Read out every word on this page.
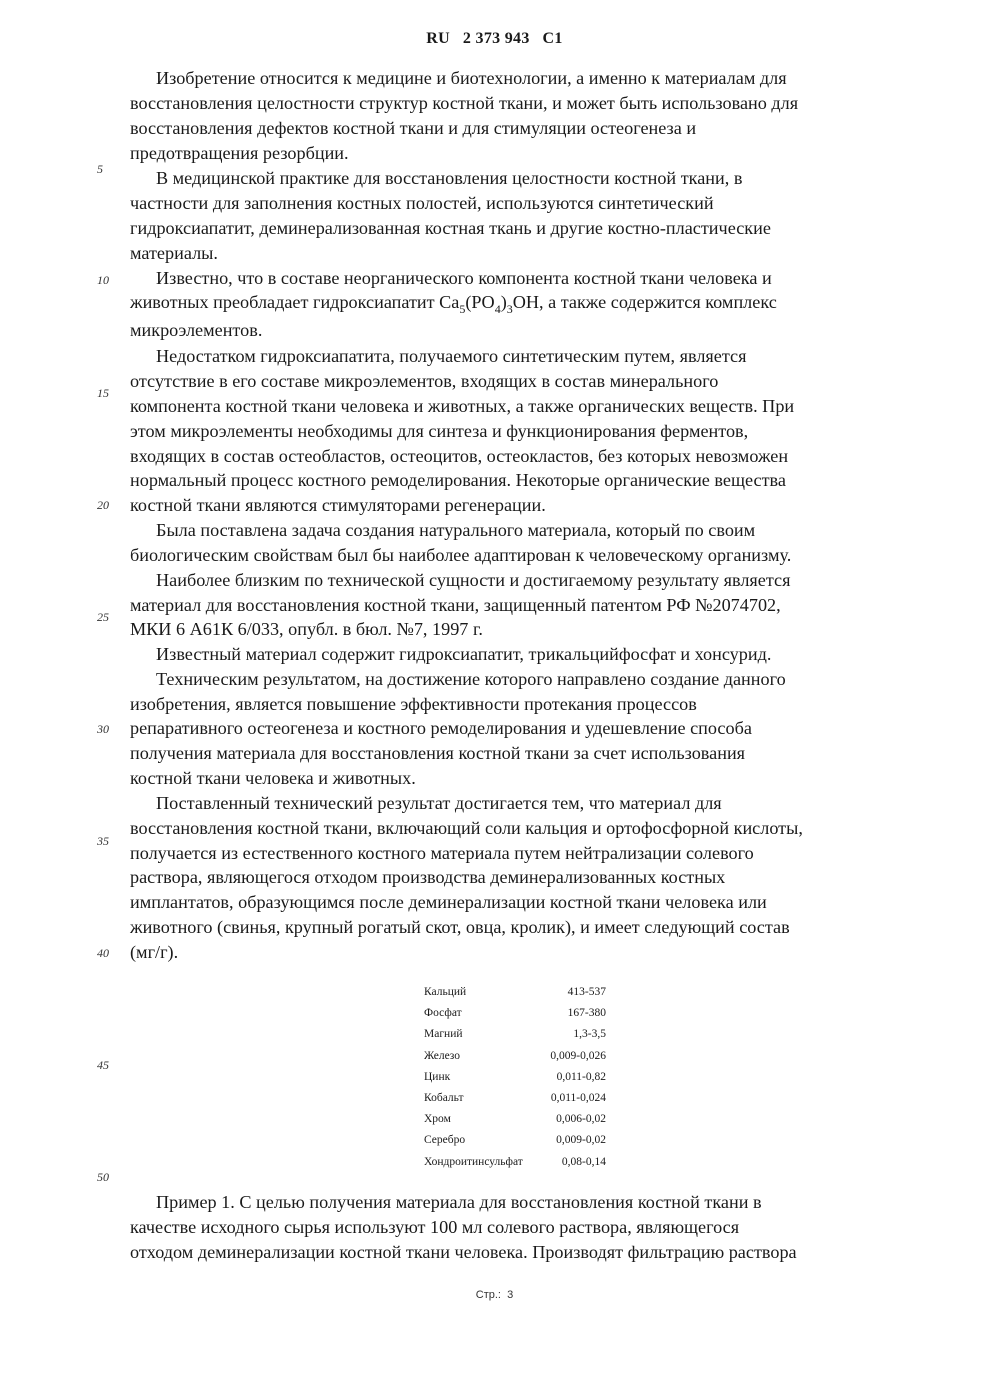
RU 2 373 943 C1
Изобретение относится к медицине и биотехнологии, а именно к материалам для
восстановления целостности структур костной ткани, и может быть использовано для
восстановления дефектов костной ткани и для стимуляции остеогенеза и
предотвращения резорбции.
В медицинской практике для восстановления целостности костной ткани, в
частности для заполнения костных полостей, используются синтетический
гидроксиапатит, деминерализованная костная ткань и другие костно-пластические
материалы.
Известно, что в составе неорганического компонента костной ткани человека и
животных преобладает гидроксиапатит $Ca_5(PO_4)_3OH$, а также содержится комплекс
микроэлементов.
Недостатком гидроксиапатита, получаемого синтетическим путем, является
отсутствие в его составе микроэлементов, входящих в состав минерального
компонента костной ткани человека и животных, а также органических веществ. При
этом микроэлементы необходимы для синтеза и функционирования ферментов,
входящих в состав остеобластов, остеоцитов, остеокластов, без которых невозможен
нормальный процесс костного ремоделирования. Некоторые органические вещества
костной ткани являются стимуляторами регенерации.
Была поставлена задача создания натурального материала, который по своим
биологическим свойствам был бы наиболее адаптирован к человеческому организму.
Наиболее близким по технической сущности и достигаемому результату является
материал для восстановления костной ткани, защищенный патентом РФ №2074702,
МКИ 6 А61К 6/033, опубл. в бюл. №7, 1997 г.
Известный материал содержит гидроксиапатит, трикальцийфосфат и хонсурид.
Техническим результатом, на достижение которого направлено создание данного
изобретения, является повышение эффективности протекания процессов
репаративного остеогенеза и костного ремоделирования и удешевление способа
получения материала для восстановления костной ткани за счет использования
костной ткани человека и животных.
Поставленный технический результат достигается тем, что материал для
восстановления костной ткани, включающий соли кальция и ортофосфорной кислоты,
получается из естественного костного материала путем нейтрализации солевого
раствора, являющегося отходом производства деминерализованных костных
имплантатов, образующимся после деминерализации костной ткани человека или
животного (свинья, крупный рогатый скот, овца, кролик), и имеет следующий состав
(мг/г).
Пример 1. С целью получения материала для восстановления костной ткани в
качестве исходного сырья используют 100 мл солевого раствора, являющегося
отходом деминерализации костной ткани человека. Производят фильтрацию раствора
5
10
15
20
25
30
35
40
45
50
Кальций	413-537
Фосфат	167-380
Магний	1,3-3,5
Железо	0,009-0,026
Цинк	0,011-0,82
Кобальт	0,011-0,024
Хром	0,006-0,02
Серебро	0,009-0,02
Хондроитинсульфат	0,08-0,14
Стр.: 3
